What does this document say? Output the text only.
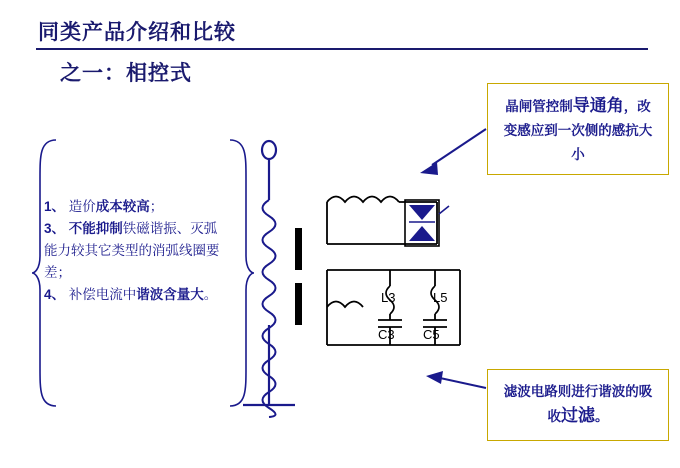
同类产品介绍和比较
之一：相控式
1、 造价成本较高；
3、 不能抑制铁磁谐振、灭弧能力较其它类型的消弧线圈要差；
4、 补偿电流中谐波含量大。	L3	L5
C3 C5
晶闸管控制导通角，改变感应到一次侧的感抗大小
滤波电路则进行谐波的吸收过滤。
